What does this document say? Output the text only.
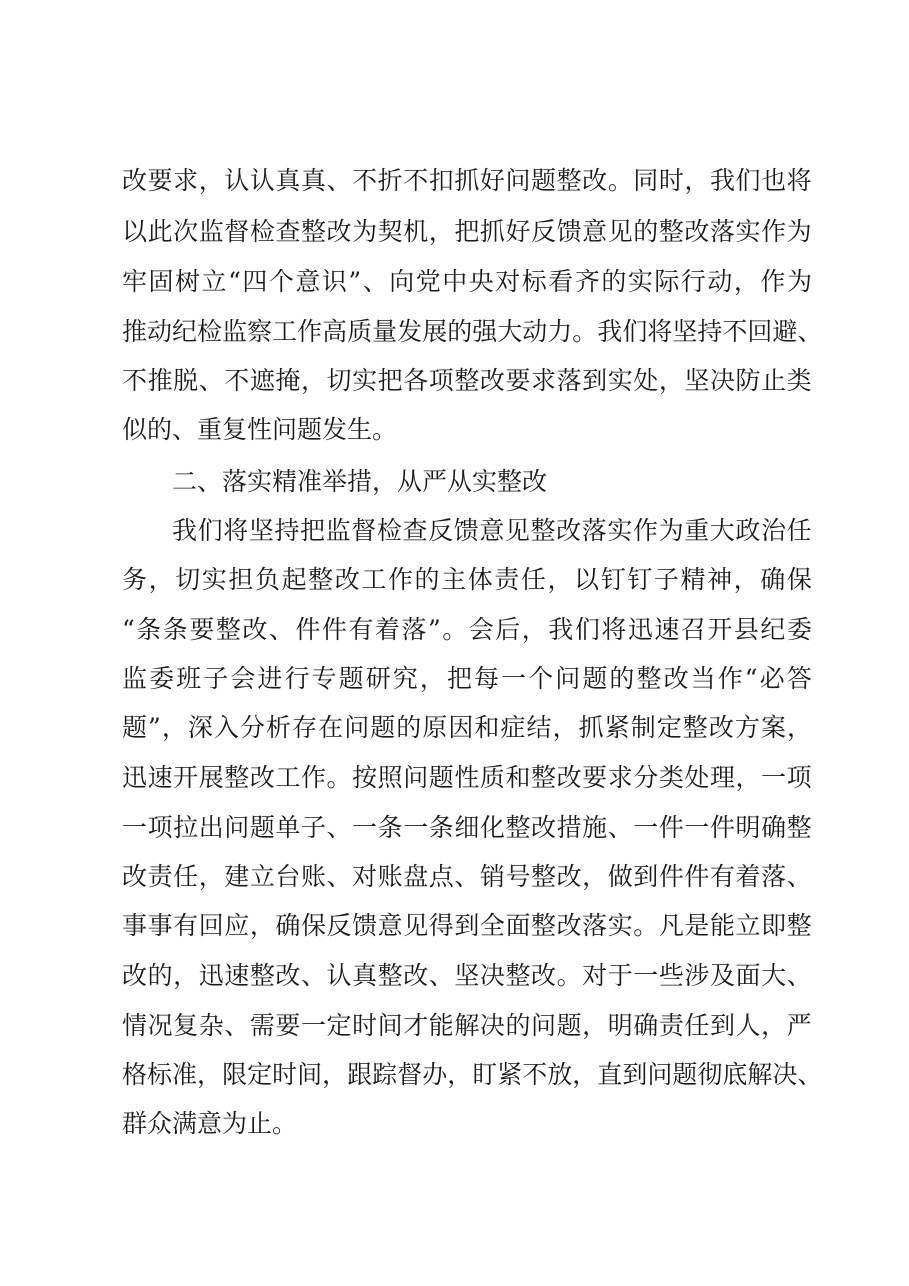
改 要 求 ， 认 认 真 真 、 不 折 不 扣 抓 好 问 题 整 改 。 同 时 ， 我 们 也 将
以 此 次 监 督 检 查 整 改 为 契 机 ， 把 抓 好 反 馈 意 见 的 整 改 落 实 作 为
牢 固 树 立 “ 四 个 意 识 ” 、 向 党 中 央 对 标 看 齐 的 实 际 行 动 ， 作 为
推 动 纪 检 监 察 工 作 高 质 量 发 展 的 强 大 动 力 。 我 们 将 坚 持 不 回 避 、
不 推 脱 、 不 遮 掩 ， 切 实 把 各 项 整 改 要 求 落 到 实 处 ， 坚 决 防 止 类
似的、重复性问题发生。
二、落实精准举措，从严从实整改
我 们 将 坚 持 把 监 督 检 查 反 馈 意 见 整 改 落 实 作 为 重 大 政 治 任
务 ， 切 实 担 负 起 整 改 工 作 的 主 体 责 任 ， 以 钉 钉 子 精 神 ， 确 保
“ 条 条 要 整 改 、 件 件 有 着 落 ” 。 会 后 ， 我 们 将 迅 速 召 开 县 纪 委
监 委 班 子 会 进 行 专 题 研 究 ， 把 每 一 个 问 题 的 整 改 当 作 “ 必 答
题 ” ， 深 入 分 析 存 在 问 题 的 原 因 和 症 结 ， 抓 紧 制 定 整 改 方 案 ，
迅 速 开 展 整 改 工 作 。 按 照 问 题 性 质 和 整 改 要 求 分 类 处 理 ， 一 项
一 项 拉 出 问 题 单 子 、 一 条 一 条 细 化 整 改 措 施 、 一 件 一 件 明 确 整
改 责 任 ， 建 立 台 账 、 对 账 盘 点 、 销 号 整 改 ， 做 到 件 件 有 着 落 、
事 事 有 回 应 ， 确 保 反 馈 意 见 得 到 全 面 整 改 落 实 。 凡 是 能 立 即 整
改 的 ， 迅 速 整 改 、 认 真 整 改 、 坚 决 整 改 。 对 于 一 些 涉 及 面 大 、
情 况 复 杂 、 需 要 一 定 时 间 才 能 解 决 的 问 题 ， 明 确 责 任 到 人 ， 严
格 标 准 ， 限 定 时 间 ， 跟 踪 督 办 ， 盯 紧 不 放 ， 直 到 问 题 彻 底 解 决 、
群众满意为止。
